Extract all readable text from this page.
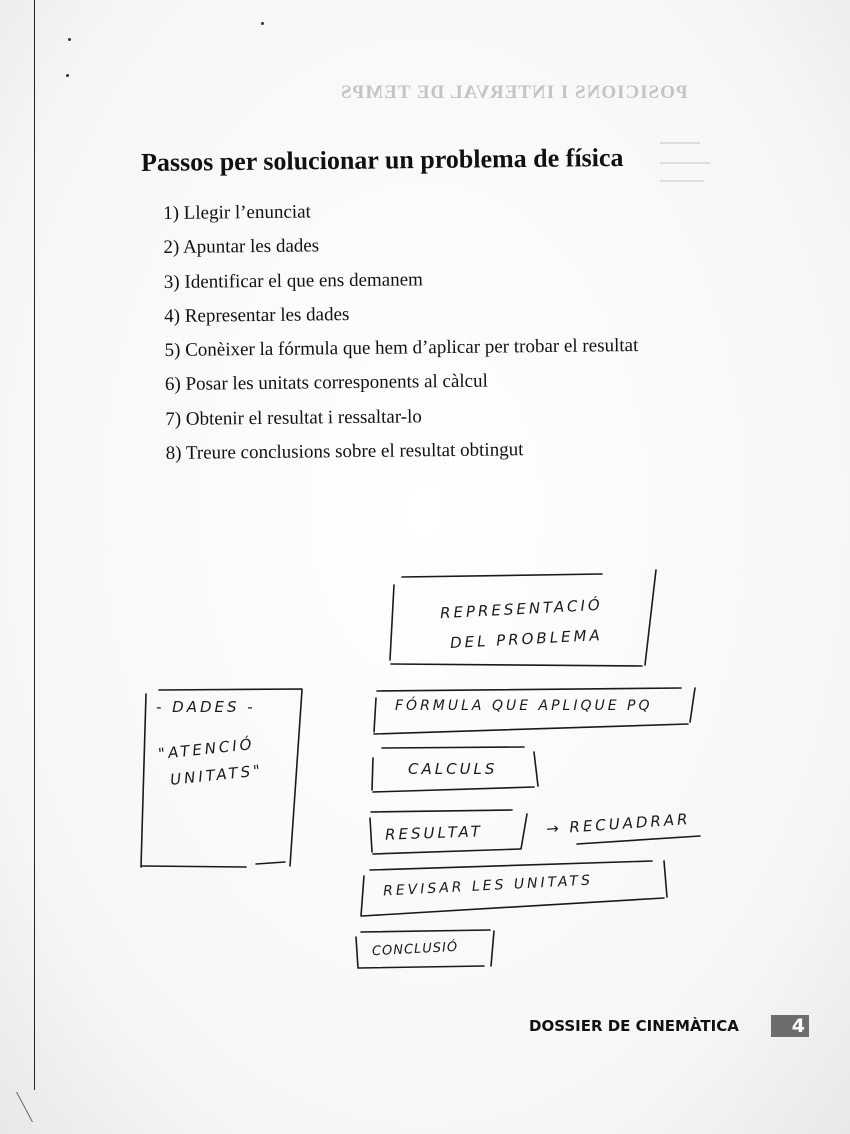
POSICIONS I INTERVAL DE TEMPS
Passos per solucionar un problema de física
1) Llegir l’enunciat
2) Apuntar les dades
3) Identificar el que ens demanem
4) Representar les dades
5) Conèixer la fórmula que hem d’aplicar per trobar el resultat
6) Posar les unitats corresponents al càlcul
7) Obtenir el resultat i ressaltar-lo
8) Treure conclusions sobre el resultat obtingut
REPRESENTACIÓ
DEL PROBLEMA
- DADES -
"ATENCIÓ
UNITATS"
FÓRMULA QUE APLIQUE PQ
CALCULS
RESULTAT	→ RECUADRAR
REVISAR LES UNITATS
CONCLUSIÓ
DOSSIER DE CINEMÀTICA	4
